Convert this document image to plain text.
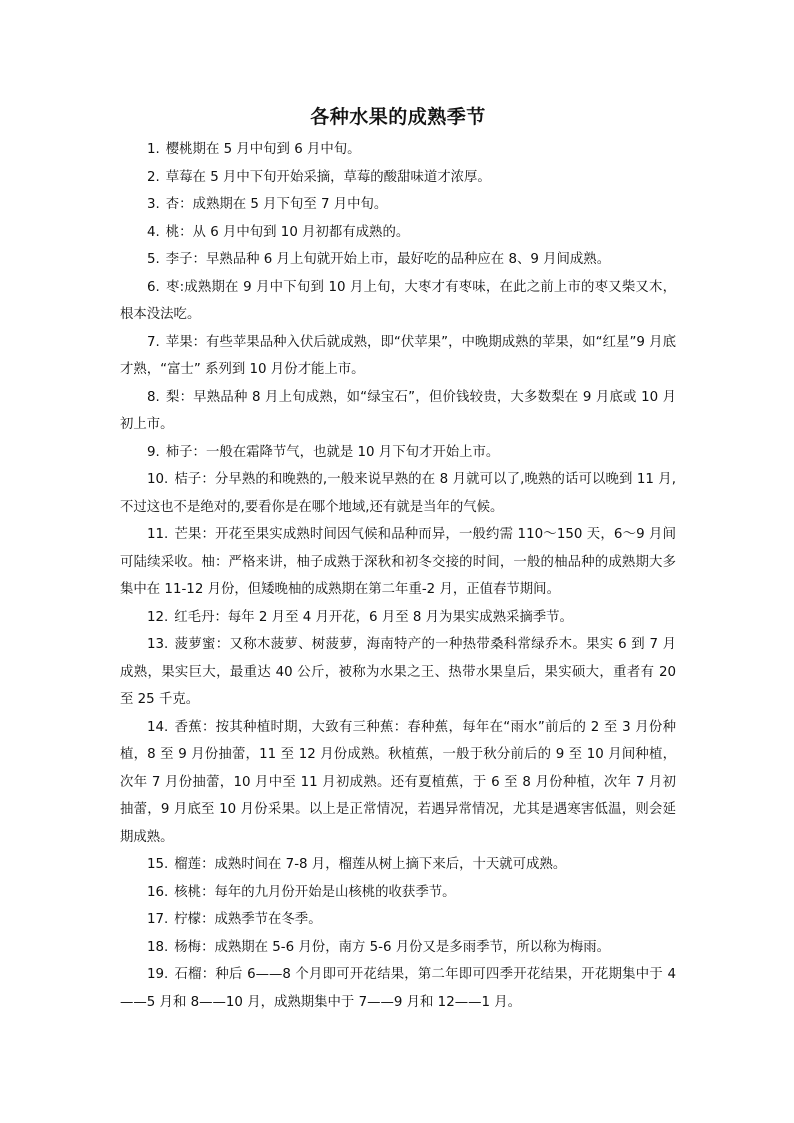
各种水果的成熟季节

1. 樱桃期在 5 月中旬到 6 月中旬。

2. 草莓在 5 月中下旬开始采摘，草莓的酸甜味道才浓厚。

3. 杏：成熟期在 5 月下旬至 7 月中旬。

4. 桃：从 6 月中旬到 10 月初都有成熟的。

5. 李子：早熟品种 6 月上旬就开始上市，最好吃的品种应在 8、9 月间成熟。

6. 枣:成熟期在 9 月中下旬到 10 月上旬，大枣才有枣味，在此之前上市的枣又柴又木，根本没法吃。

7. 苹果：有些苹果品种入伏后就成熟，即“伏苹果”，中晚期成熟的苹果，如“红星”9 月底才熟，“富士” 系列到 10 月份才能上市。

8. 梨：早熟品种 8 月上旬成熟，如“绿宝石”，但价钱较贵，大多数梨在 9 月底或 10 月初上市。

9. 柿子：一般在霜降节气，也就是 10 月下旬才开始上市。

10. 桔子：分早熟的和晚熟的,一般来说早熟的在 8 月就可以了,晚熟的话可以晚到 11 月,不过这也不是绝对的,要看你是在哪个地域,还有就是当年的气候。

11. 芒果：开花至果实成熟时间因气候和品种而异，一般约需 110～150 天，6～9 月间可陆续采收。柚：严格来讲，柚子成熟于深秋和初冬交接的时间，一般的柚品种的成熟期大多集中在 11-12 月份，但矮晚柚的成熟期在第二年重-2 月，正值春节期间。

12. 红毛丹：每年 2 月至 4 月开花，6 月至 8 月为果实成熟采摘季节。

13. 菠萝蜜：又称木菠萝、树菠萝，海南特产的一种热带桑科常绿乔木。果实 6 到 7 月成熟，果实巨大，最重达 40 公斤，被称为水果之王、热带水果皇后，果实硕大，重者有 20 至 25 千克。

14. 香蕉：按其种植时期，大致有三种蕉：春种蕉，每年在“雨水”前后的 2 至 3 月份种植，8 至 9 月份抽蕾，11 至 12 月份成熟。秋植蕉，一般于秋分前后的 9 至 10 月间种植，次年 7 月份抽蕾，10 月中至 11 月初成熟。还有夏植蕉，于 6 至 8 月份种植，次年 7 月初抽蕾，9 月底至 10 月份采果。以上是正常情况，若遇异常情况，尤其是遇寒害低温，则会延期成熟。

15. 榴莲：成熟时间在 7-8 月，榴莲从树上摘下来后，十天就可成熟。

16. 核桃：每年的九月份开始是山核桃的收获季节。

17. 柠檬：成熟季节在冬季。

18. 杨梅：成熟期在 5-6 月份，南方 5-6 月份又是多雨季节，所以称为梅雨。

19. 石榴：种后 6——8 个月即可开花结果，第二年即可四季开花结果，开花期集中于 4——5 月和 8——10 月，成熟期集中于 7——9 月和 12——1 月。
